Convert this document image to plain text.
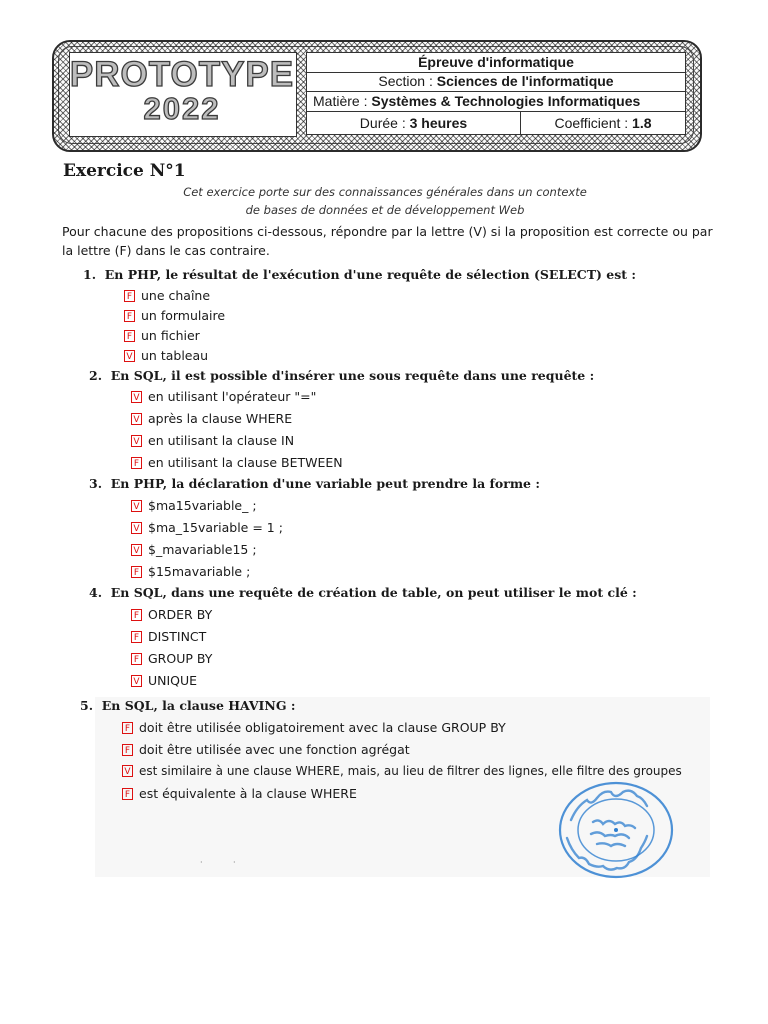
PROTOTYPE
2022
Épreuve d'informatique
Section : Sciences de l'informatique
Matière : Systèmes & Technologies Informatiques
Durée : 3 heures	Coefficient : 1.8
Exercice N°1
Cet exercice porte sur des connaissances générales dans un contexte
de bases de données et de développement Web
Pour chacune des propositions ci-dessous, répondre par la lettre (V) si la proposition est correcte ou par
la lettre (F) dans le cas contraire.
1. En PHP, le résultat de l'exécution d'une requête de sélection (SELECT) est :
F une chaîne
F un formulaire
F un fichier
V un tableau
2. En SQL, il est possible d'insérer une sous requête dans une requête :
V en utilisant l'opérateur "="
V après la clause WHERE
V en utilisant la clause IN
F en utilisant la clause BETWEEN
3. En PHP, la déclaration d'une variable peut prendre la forme :
V $ma15variable_ ;
V $ma_15variable = 1 ;
V $_mavariable15 ;
F $15mavariable ;
4. En SQL, dans une requête de création de table, on peut utiliser le mot clé :
F ORDER BY
F DISTINCT
F GROUP BY
V UNIQUE
5. En SQL, la clause HAVING :
F doit être utilisée obligatoirement avec la clause GROUP BY
F doit être utilisée avec une fonction agrégat
V est similaire à une clause WHERE, mais, au lieu de filtrer des lignes, elle filtre des groupes
F est équivalente à la clause WHERE
·            ·
